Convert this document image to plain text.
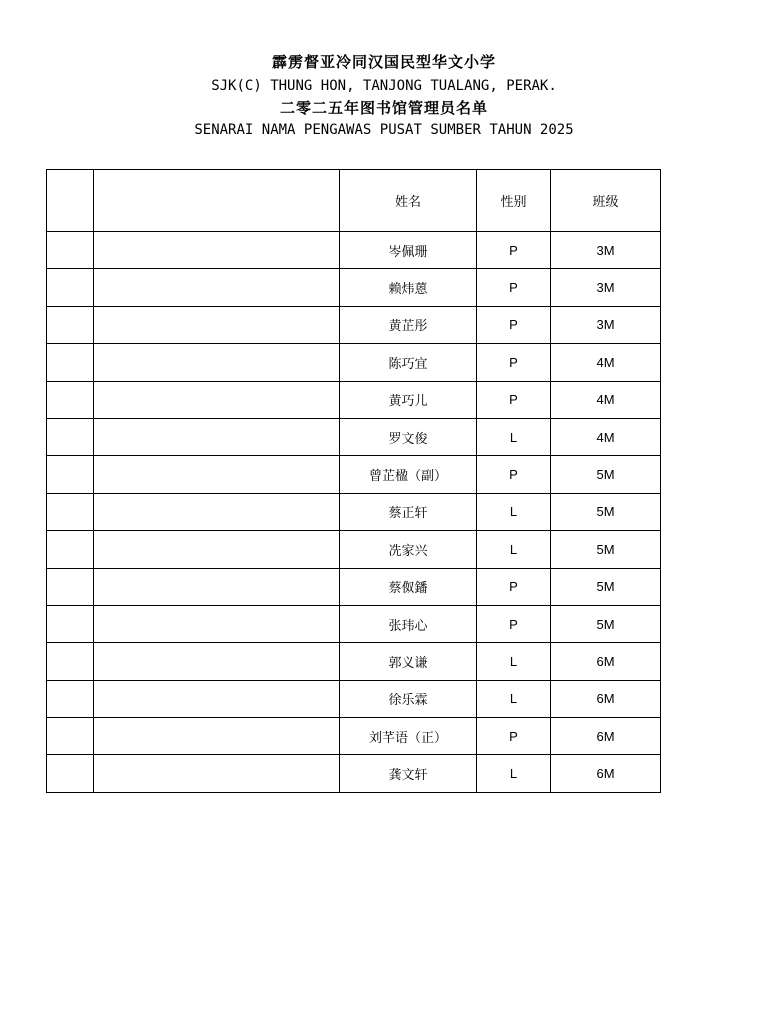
霹雳督亚冷同汉国民型华文小学
SJK(C) THUNG HON, TANJONG TUALANG, PERAK.
二零二五年图书馆管理员名单
SENARAI NAMA PENGAWAS PUSAT SUMBER TAHUN 2025
		姓名	性别	班级
		岑佩珊	P	3M
		赖炜蒽	P	3M
		黄芷彤	P	3M
		陈巧宜	P	4M
		黄巧儿	P	4M
		罗文俊	L	4M
		曾芷楹（副）	P	5M
		蔡正轩	L	5M
		冼家兴	L	5M
		蔡伮鐇	P	5M
		张玮心	P	5M
		郭义谦	L	6M
		徐乐霖	L	6M
		刘芊语（正）	P	6M
		龚文轩	L	6M
